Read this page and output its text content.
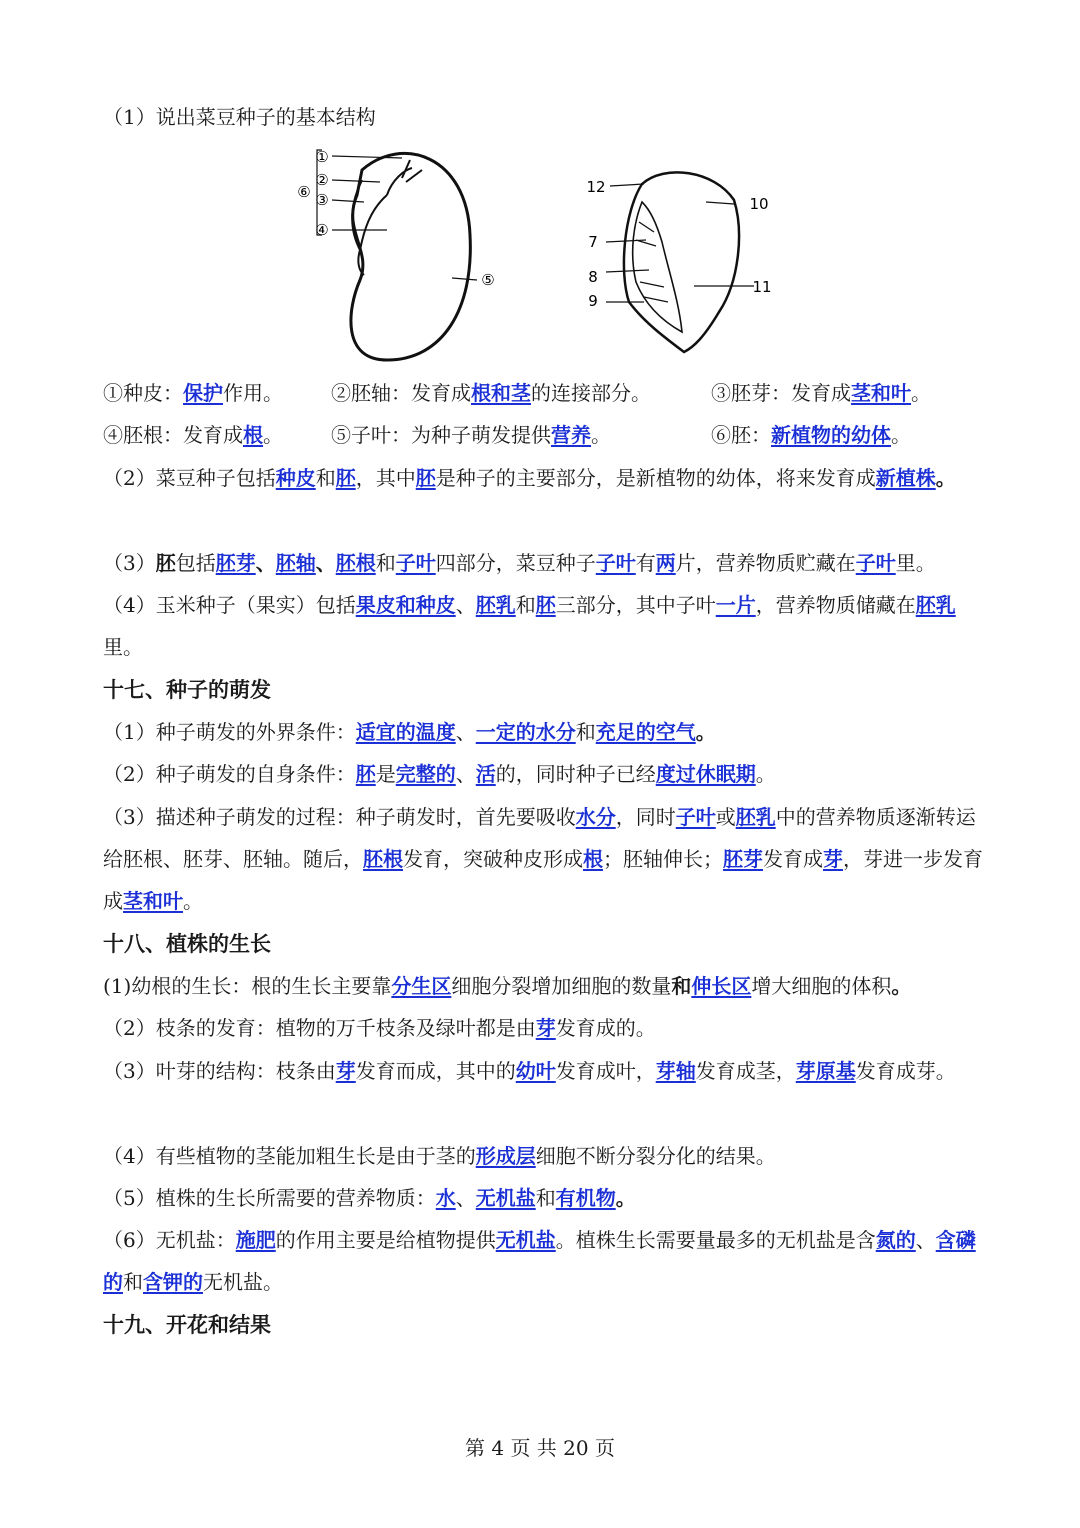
（1）说出菜豆种子的基本结构

①
②
③
④
⑤
⑥	12
10
7
8
9
11

①种皮：保护作用。 ②胚轴：发育成根和茎的连接部分。	③胚芽：发育成茎和叶。

④胚根：发育成根。 ⑤子叶：为种子萌发提供营养。	⑥胚：新植物的幼体。

（2）菜豆种子包括种皮和胚，其中胚是种子的主要部分，是新植物的幼体，将来发育成新植株。

（3）胚包括胚芽、胚轴、胚根和子叶四部分，菜豆种子子叶有两片，营养物质贮藏在子叶里。

（4）玉米种子（果实）包括果皮和种皮、胚乳和胚三部分，其中子叶一片，营养物质储藏在胚乳里。

十七、种子的萌发

（1）种子萌发的外界条件：适宜的温度、一定的水分和充足的空气。

（2）种子萌发的自身条件：胚是完整的、活的，同时种子已经度过休眠期。

（3）描述种子萌发的过程：种子萌发时，首先要吸收水分，同时子叶或胚乳中的营养物质逐渐转运给胚根、胚芽、胚轴。随后，胚根发育，突破种皮形成根；胚轴伸长；胚芽发育成芽，芽进一步发育成茎和叶。

十八、植株的生长

(1)幼根的生长：根的生长主要靠分生区细胞分裂增加细胞的数量和伸长区增大细胞的体积。

（2）枝条的发育：植物的万千枝条及绿叶都是由芽发育成的。

（3）叶芽的结构：枝条由芽发育而成，其中的幼叶发育成叶，芽轴发育成茎，芽原基发育成芽。

（4）有些植物的茎能加粗生长是由于茎的形成层细胞不断分裂分化的结果。

（5）植株的生长所需要的营养物质：水、无机盐和有机物。

（6）无机盐：施肥的作用主要是给植物提供无机盐。植株生长需要量最多的无机盐是含氮的、含磷的和含钾的无机盐。

十九、开花和结果

第 4 页 共 20 页
